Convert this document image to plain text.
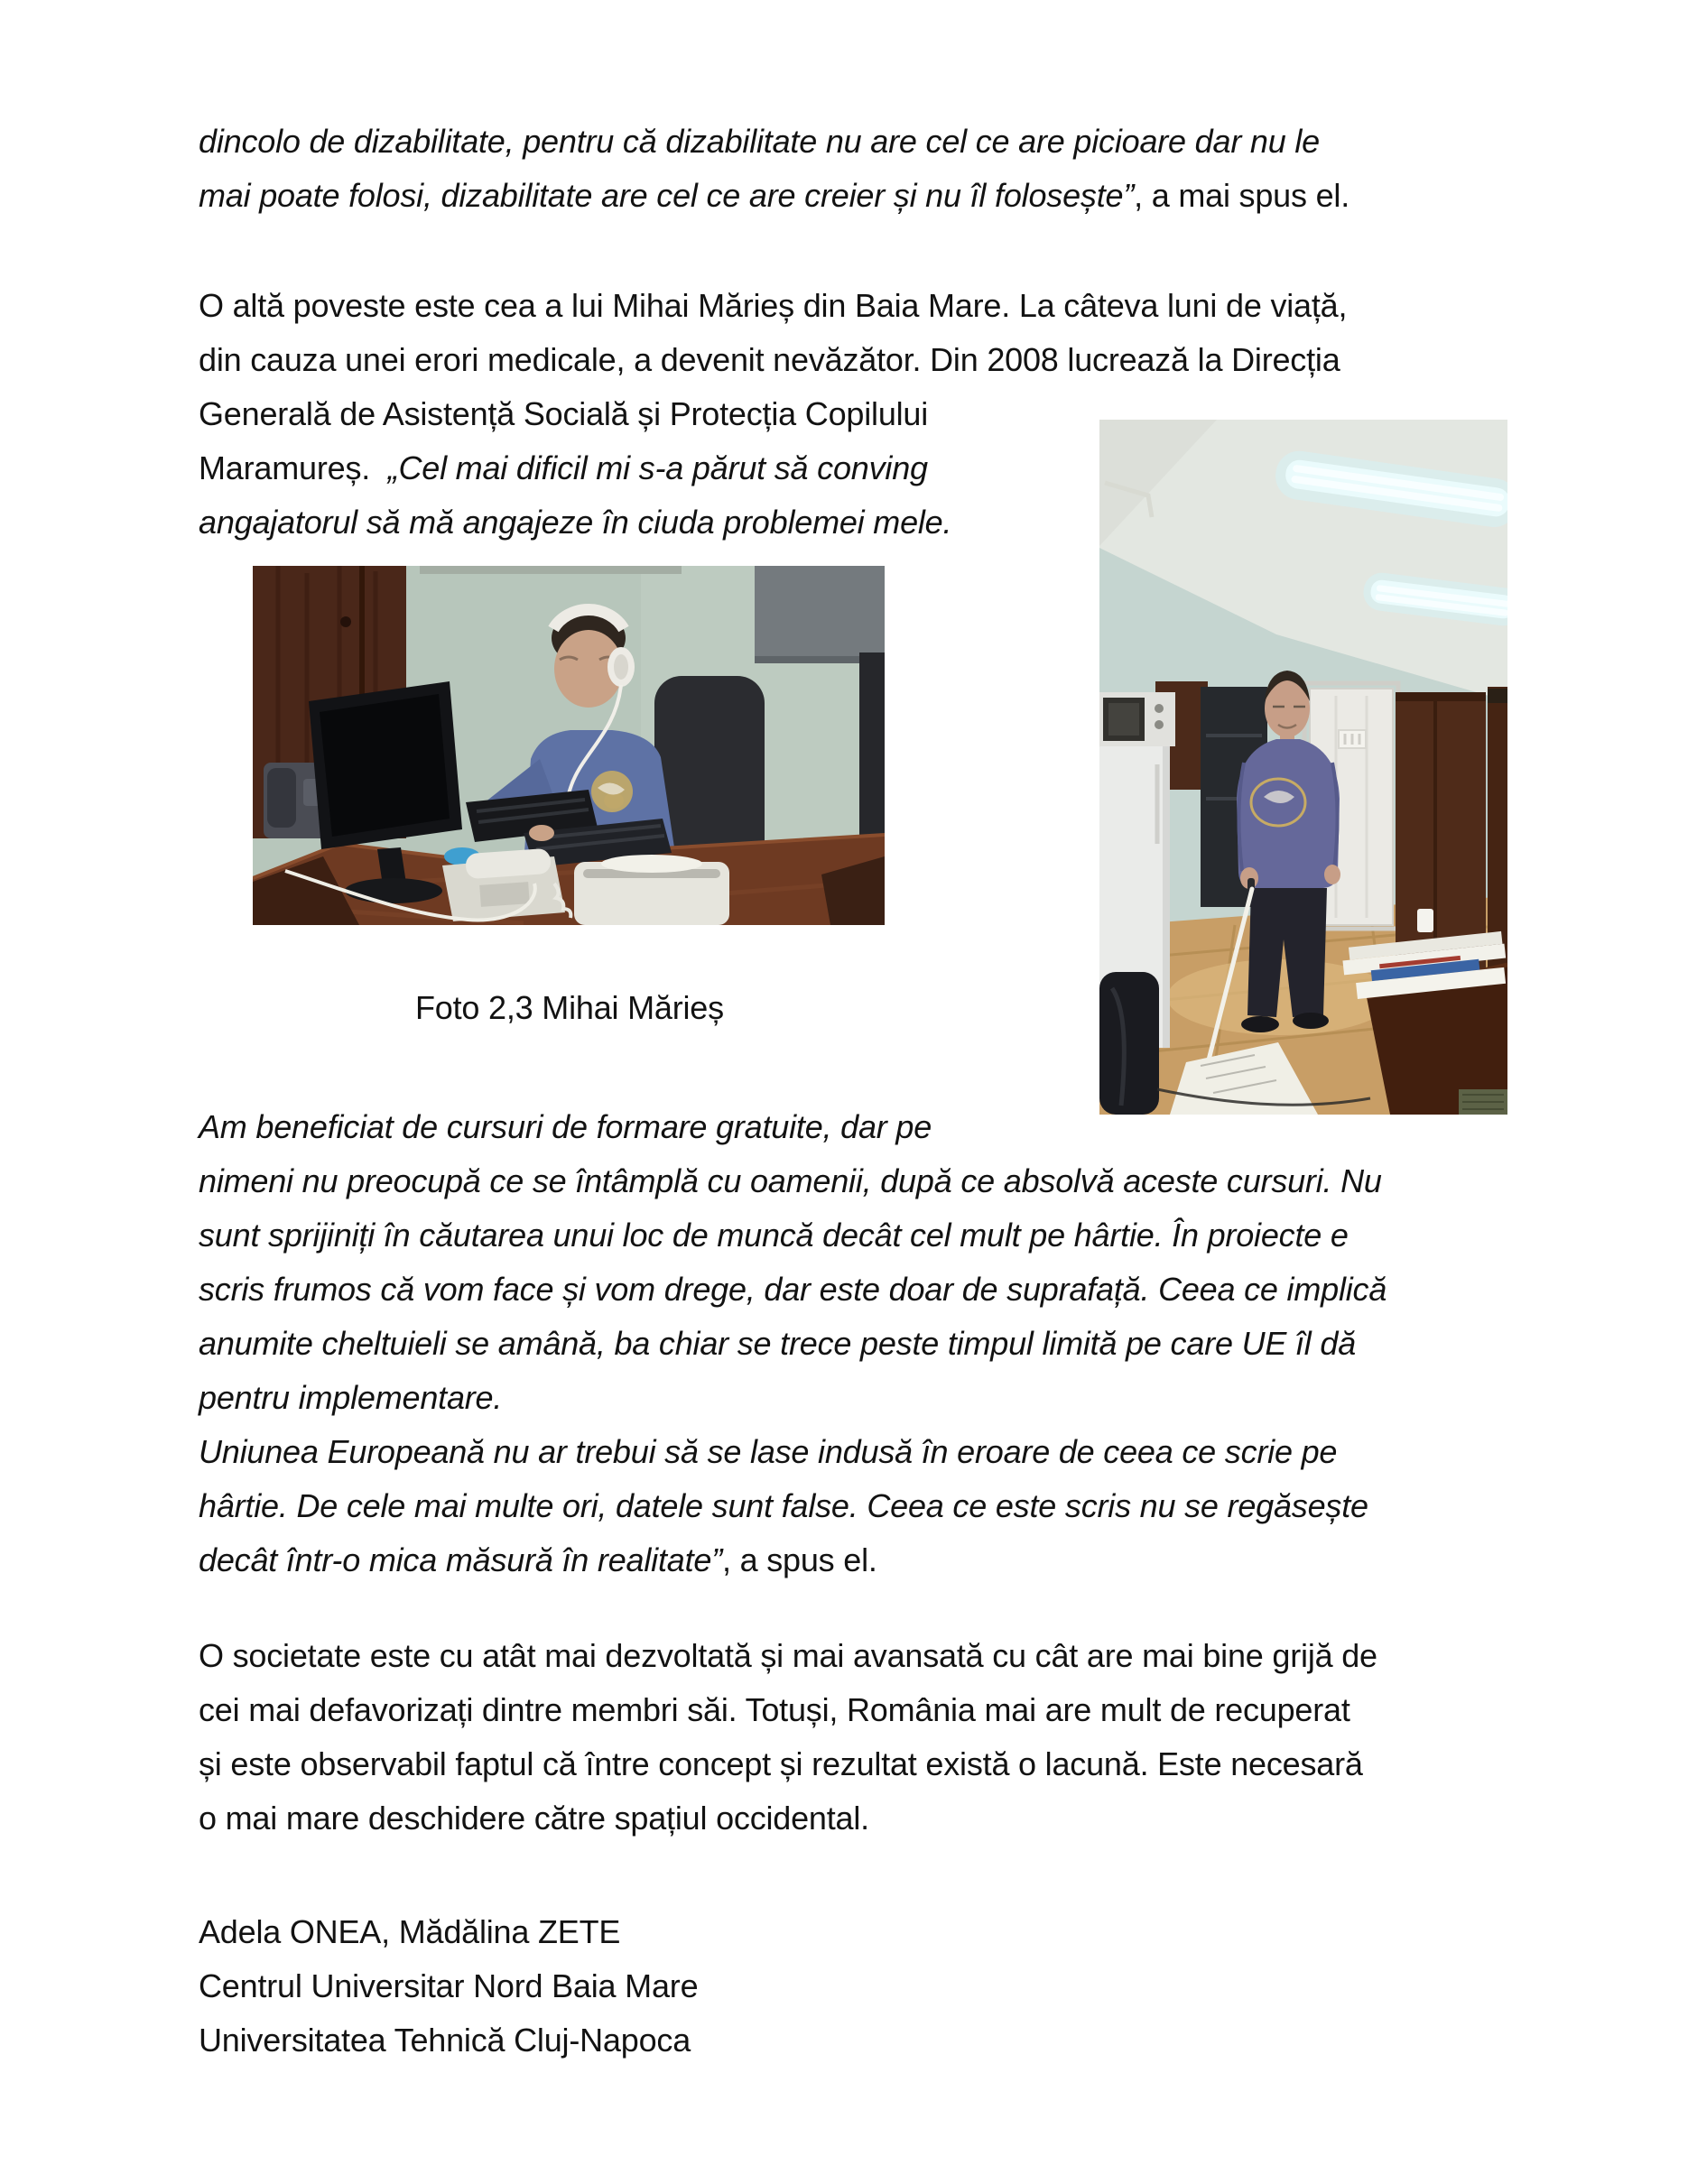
dincolo de dizabilitate, pentru că dizabilitate nu are cel ce are picioare dar nu le
mai poate folosi, dizabilitate are cel ce are creier și nu îl folosește”, a mai spus el.
O altă poveste este cea a lui Mihai Mărieș din Baia Mare. La câteva luni de viață,
din cauza unei erori medicale, a devenit nevăzător. Din 2008 lucrează la Direcția
Generală de Asistență Socială și Protecția Copilului
Maramureș.  „Cel mai dificil mi s-a părut să conving
angajatorul să mă angajeze în ciuda problemei mele.
Foto 2,3 Mihai Mărieș
Am beneficiat de cursuri de formare gratuite, dar pe
nimeni nu preocupă ce se întâmplă cu oamenii, după ce absolvă aceste cursuri. Nu
sunt sprijiniți în căutarea unui loc de muncă decât cel mult pe hârtie. În proiecte e
scris frumos că vom face și vom drege, dar este doar de suprafață. Ceea ce implică
anumite cheltuieli se amână, ba chiar se trece peste timpul limită pe care UE îl dă
pentru implementare.
Uniunea Europeană nu ar trebui să se lase indusă în eroare de ceea ce scrie pe
hârtie. De cele mai multe ori, datele sunt false. Ceea ce este scris nu se regăsește
decât într-o mica măsură în realitate”, a spus el.
O societate este cu atât mai dezvoltată și mai avansată cu cât are mai bine grijă de
cei mai defavorizați dintre membri săi. Totuși, România mai are mult de recuperat
și este observabil faptul că între concept și rezultat există o lacună. Este necesară
o mai mare deschidere către spațiul occidental.
Adela ONEA, Mădălina ZETE
Centrul Universitar Nord Baia Mare
Universitatea Tehnică Cluj-Napoca
